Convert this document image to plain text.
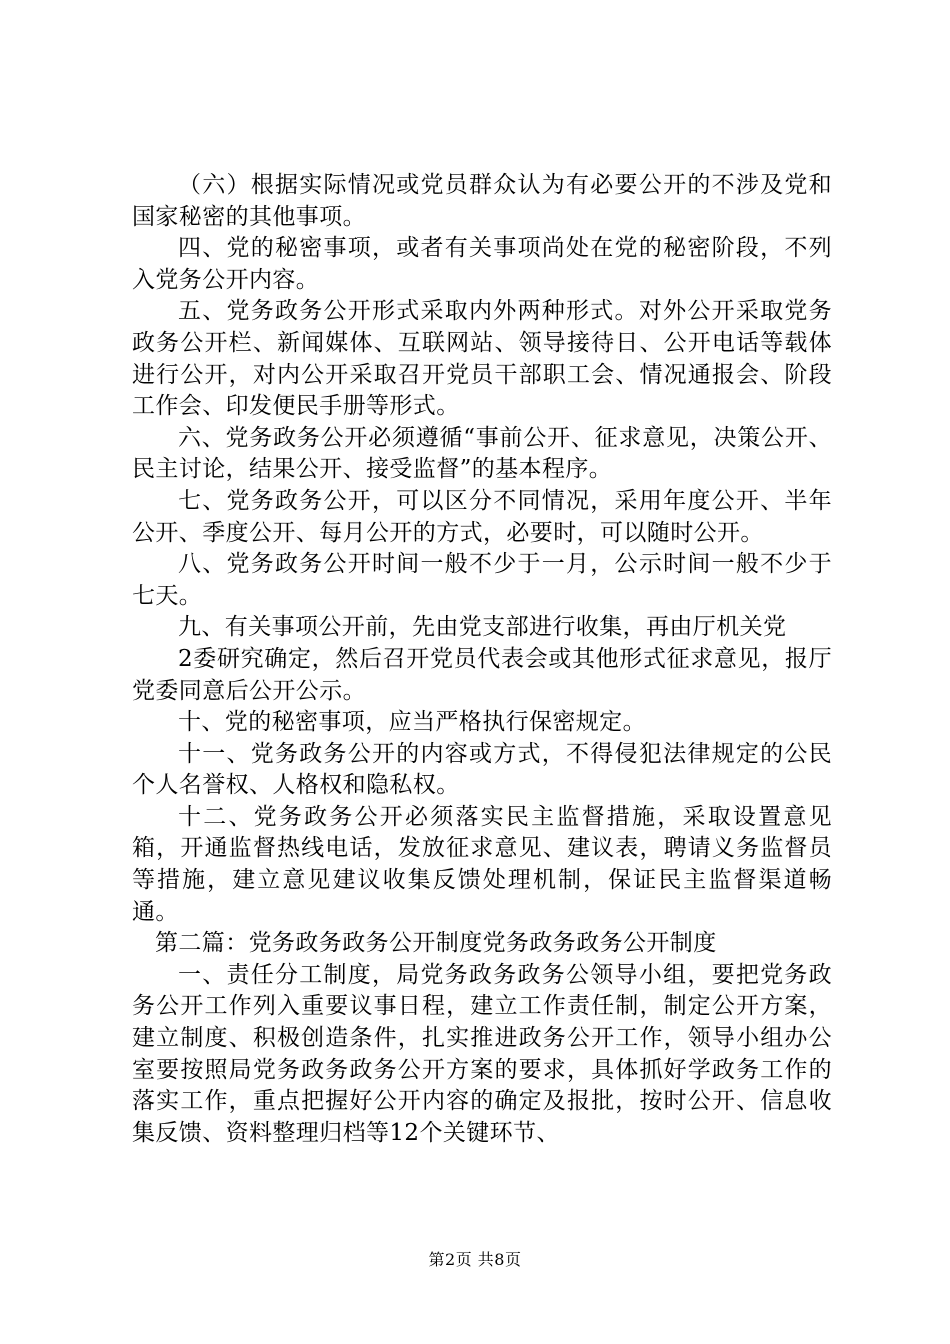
（六）根据实际情况或党员群众认为有必要公开的不涉及党和国家秘密的其他事项。

四、党的秘密事项，或者有关事项尚处在党的秘密阶段，不列入党务公开内容。

五、党务政务公开形式采取内外两种形式。对外公开采取党务政务公开栏、新闻媒体、互联网站、领导接待日、公开电话等载体进行公开，对内公开采取召开党员干部职工会、情况通报会、阶段工作会、印发便民手册等形式。

六、党务政务公开必须遵循“事前公开、征求意见，决策公开、民主讨论，结果公开、接受监督”的基本程序。

七、党务政务公开，可以区分不同情况，采用年度公开、半年公开、季度公开、每月公开的方式，必要时，可以随时公开。

八、党务政务公开时间一般不少于一月，公示时间一般不少于七天。

九、有关事项公开前，先由党支部进行收集，再由厅机关党

2委研究确定，然后召开党员代表会或其他形式征求意见，报厅党委同意后公开公示。

十、党的秘密事项，应当严格执行保密规定。

十一、党务政务公开的内容或方式，不得侵犯法律规定的公民个人名誉权、人格权和隐私权。

十二、党务政务公开必须落实民主监督措施，采取设置意见箱，开通监督热线电话，发放征求意见、建议表，聘请义务监督员等措施，建立意见建议收集反馈处理机制，保证民主监督渠道畅通。

第二篇：党务政务政务公开制度党务政务政务公开制度

一、责任分工制度，局党务政务政务公领导小组，要把党务政务公开工作列入重要议事日程，建立工作责任制，制定公开方案，建立制度、积极创造条件，扎实推进政务公开工作，领导小组办公室要按照局党务政务政务公开方案的要求，具体抓好学政务工作的落实工作，重点把握好公开内容的确定及报批，按时公开、信息收集反馈、资料整理归档等12个关键环节、

第2页 共8页
